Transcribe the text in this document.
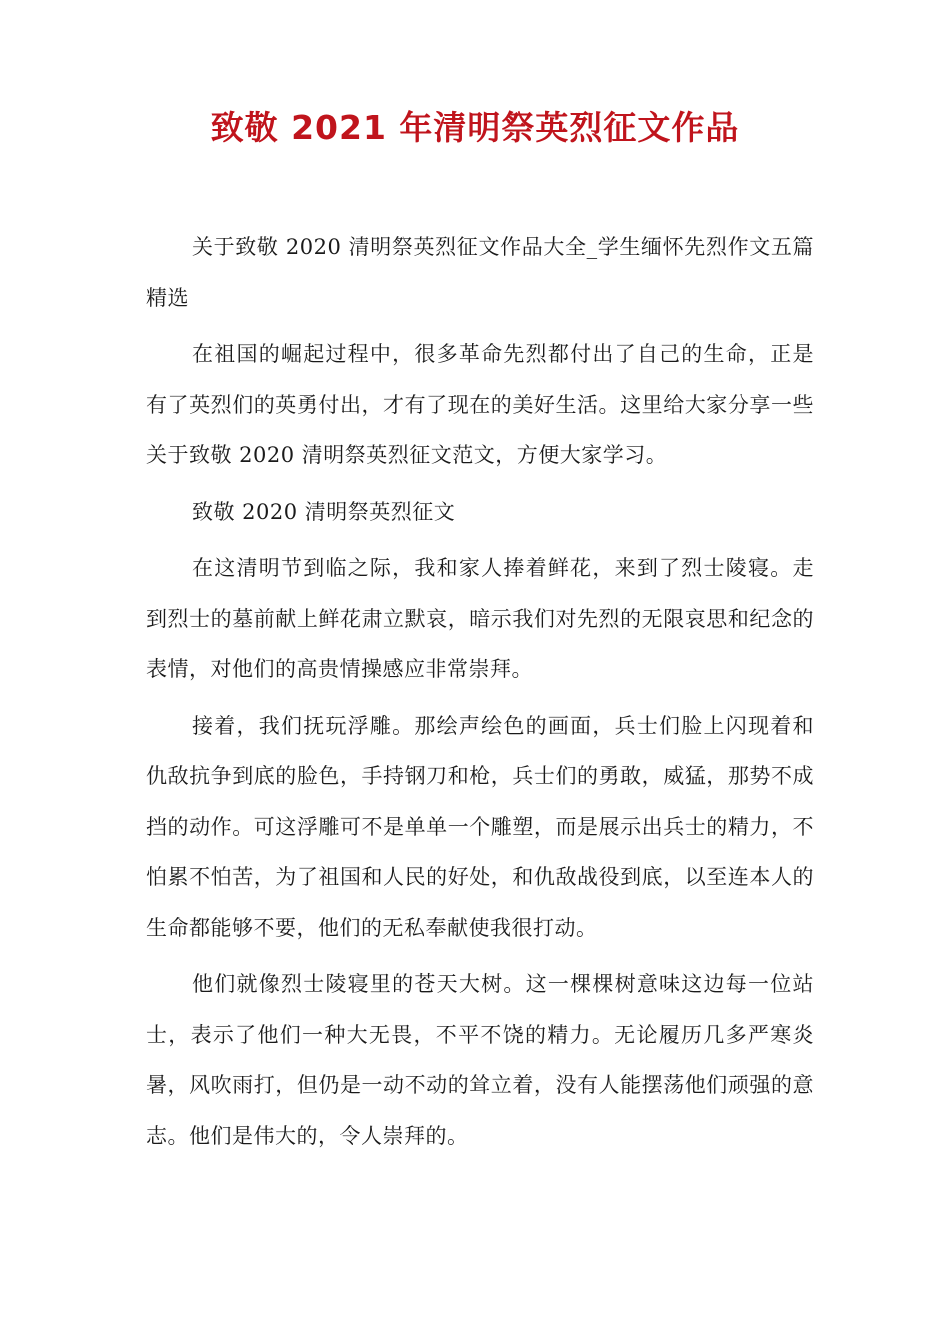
致敬 2021 年清明祭英烈征文作品

关于致敬 2020 清明祭英烈征文作品大全_学生缅怀先烈作文五篇精选

在祖国的崛起过程中，很多革命先烈都付出了自己的生命，正是有了英烈们的英勇付出，才有了现在的美好生活。这里给大家分享一些关于致敬 2020 清明祭英烈征文范文，方便大家学习。

致敬 2020 清明祭英烈征文

在这清明节到临之际，我和家人捧着鲜花，来到了烈士陵寝。走到烈士的墓前献上鲜花肃立默哀，暗示我们对先烈的无限哀思和纪念的表情，对他们的高贵情操感应非常崇拜。

接着，我们抚玩浮雕。那绘声绘色的画面，兵士们脸上闪现着和仇敌抗争到底的脸色，手持钢刀和枪，兵士们的勇敢，威猛，那势不成挡的动作。可这浮雕可不是单单一个雕塑，而是展示出兵士的精力，不怕累不怕苦，为了祖国和人民的好处，和仇敌战役到底，以至连本人的生命都能够不要，他们的无私奉献使我很打动。

他们就像烈士陵寝里的苍天大树。这一棵棵树意味这边每一位站士，表示了他们一种大无畏，不平不饶的精力。无论履历几多严寒炎暑，风吹雨打，但仍是一动不动的耸立着，没有人能摆荡他们顽强的意志。他们是伟大的，令人崇拜的。
